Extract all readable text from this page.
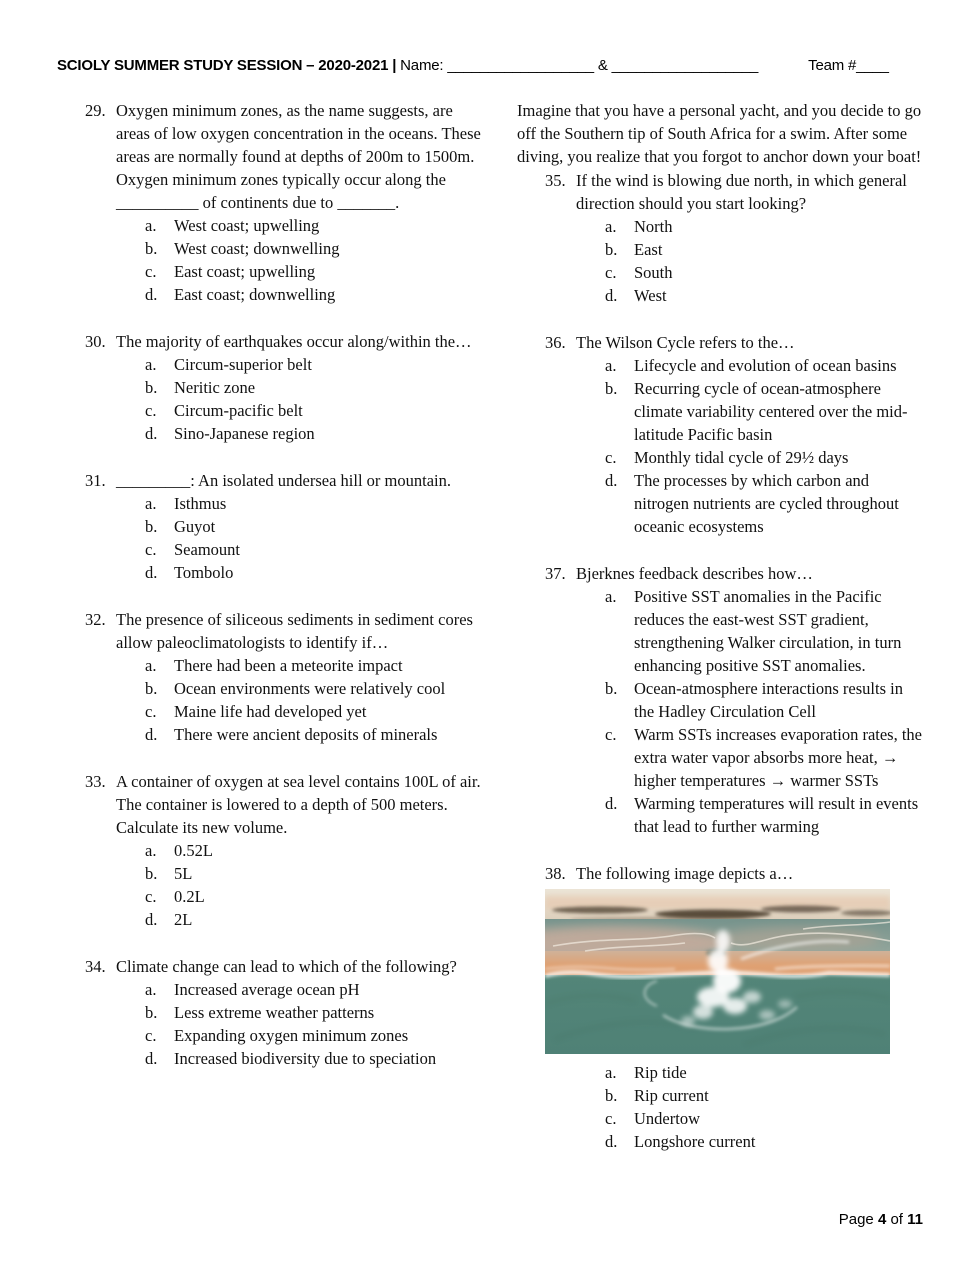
SCIOLY SUMMER STUDY SESSION – 2020-2021 | Name: __________________ & __________________	Team #____
29. Oxygen minimum zones, as the name suggests, are areas of low oxygen concentration in the oceans. These areas are normally found at depths of 200m to 1500m. Oxygen minimum zones typically occur along the __________ of continents due to _______.
a.	West coast; upwelling
b.	West coast; downwelling
c.	East coast; upwelling
d.	East coast; downwelling
30. The majority of earthquakes occur along/within the…
a.	Circum-superior belt
b.	Neritic zone
c.	Circum-pacific belt
d.	Sino-Japanese region
31. _________: An isolated undersea hill or mountain.
a.	Isthmus
b.	Guyot
c.	Seamount
d.	Tombolo
32. The presence of siliceous sediments in sediment cores allow paleoclimatologists to identify if…
a.	There had been a meteorite impact
b.	Ocean environments were relatively cool
c.	Maine life had developed yet
d.	There were ancient deposits of minerals
33. A container of oxygen at sea level contains 100L of air. The container is lowered to a depth of 500 meters. Calculate its new volume.
a.	0.52L
b.	5L
c.	0.2L
d.	2L
34. Climate change can lead to which of the following?
a.	Increased average ocean pH
b.	Less extreme weather patterns
c.	Expanding oxygen minimum zones
d.	Increased biodiversity due to speciation

Imagine that you have a personal yacht, and you decide to go off the Southern tip of South Africa for a swim. After some diving, you realize that you forgot to anchor down your boat!

35. If the wind is blowing due north, in which general direction should you start looking?
a.	North
b.	East
c.	South
d.	West
36. The Wilson Cycle refers to the…
a.	Lifecycle and evolution of ocean basins
b.	Recurring cycle of ocean-atmosphere climate variability centered over the mid-latitude Pacific basin
c.	Monthly tidal cycle of 29½ days
d.	The processes by which carbon and nitrogen nutrients are cycled throughout oceanic ecosystems
37. Bjerknes feedback describes how…
a.	Positive SST anomalies in the Pacific reduces the east-west SST gradient, strengthening Walker circulation, in turn enhancing positive SST anomalies.
b.	Ocean-atmosphere interactions results in the Hadley Circulation Cell
c.	Warm SSTs increases evaporation rates, the extra water vapor absorbs more heat, → higher temperatures → warmer SSTs
d.	Warming temperatures will result in events that lead to further warming
38. The following image depicts a…
a.	Rip tide
b.	Rip current
c.	Undertow
d.	Longshore current
Page 4 of 11
